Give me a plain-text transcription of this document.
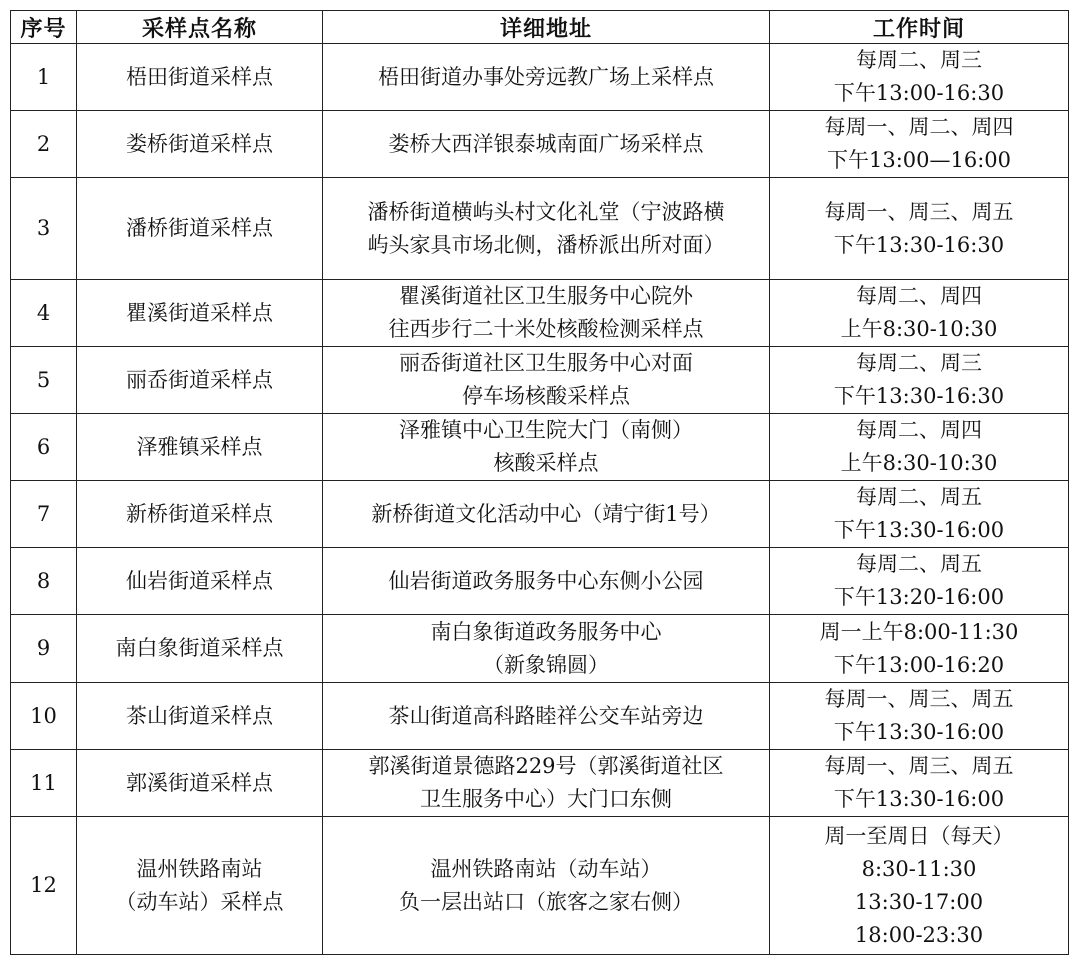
序号	采样点名称	详细地址	工作时间
1	梧田街道采样点	梧田街道办事处旁远教广场上采样点	每周二、周三
下午13:00-16:30

2	娄桥街道采样点	娄桥大西洋银泰城南面广场采样点	每周一、周二、周四
下午13:00—16:00

3	潘桥街道采样点	潘桥街道横屿头村文化礼堂（宁波路横
屿头家具市场北侧，潘桥派出所对面）	每周一、周三、周五
下午13:30-16:30

4	瞿溪街道采样点	瞿溪街道社区卫生服务中心院外
往西步行二十米处核酸检测采样点	每周二、周四
上午8:30-10:30

5	丽岙街道采样点	丽岙街道社区卫生服务中心对面
停车场核酸采样点	每周二、周三
下午13:30-16:30

6	泽雅镇采样点	泽雅镇中心卫生院大门（南侧）
核酸采样点	每周二、周四
上午8:30-10:30

7	新桥街道采样点	新桥街道文化活动中心（靖宁街1号）	每周二、周五
下午13:30-16:00

8	仙岩街道采样点	仙岩街道政务服务中心东侧小公园	每周二、周五
下午13:20-16:00

9	南白象街道采样点	南白象街道政务服务中心
（新象锦圆）	周一上午8:00-11:30
下午13:00-16:20

10	茶山街道采样点	茶山街道高科路睦祥公交车站旁边	每周一、周三、周五
下午13:30-16:00

11	郭溪街道采样点	郭溪街道景德路229号（郭溪街道社区
卫生服务中心）大门口东侧	每周一、周三、周五
下午13:30-16:00

12	温州铁路南站
（动车站）采样点	温州铁路南站（动车站）
负一层出站口（旅客之家右侧）	周一至周日（每天）
8:30-11:30
13:30-17:00
18:00-23:30
